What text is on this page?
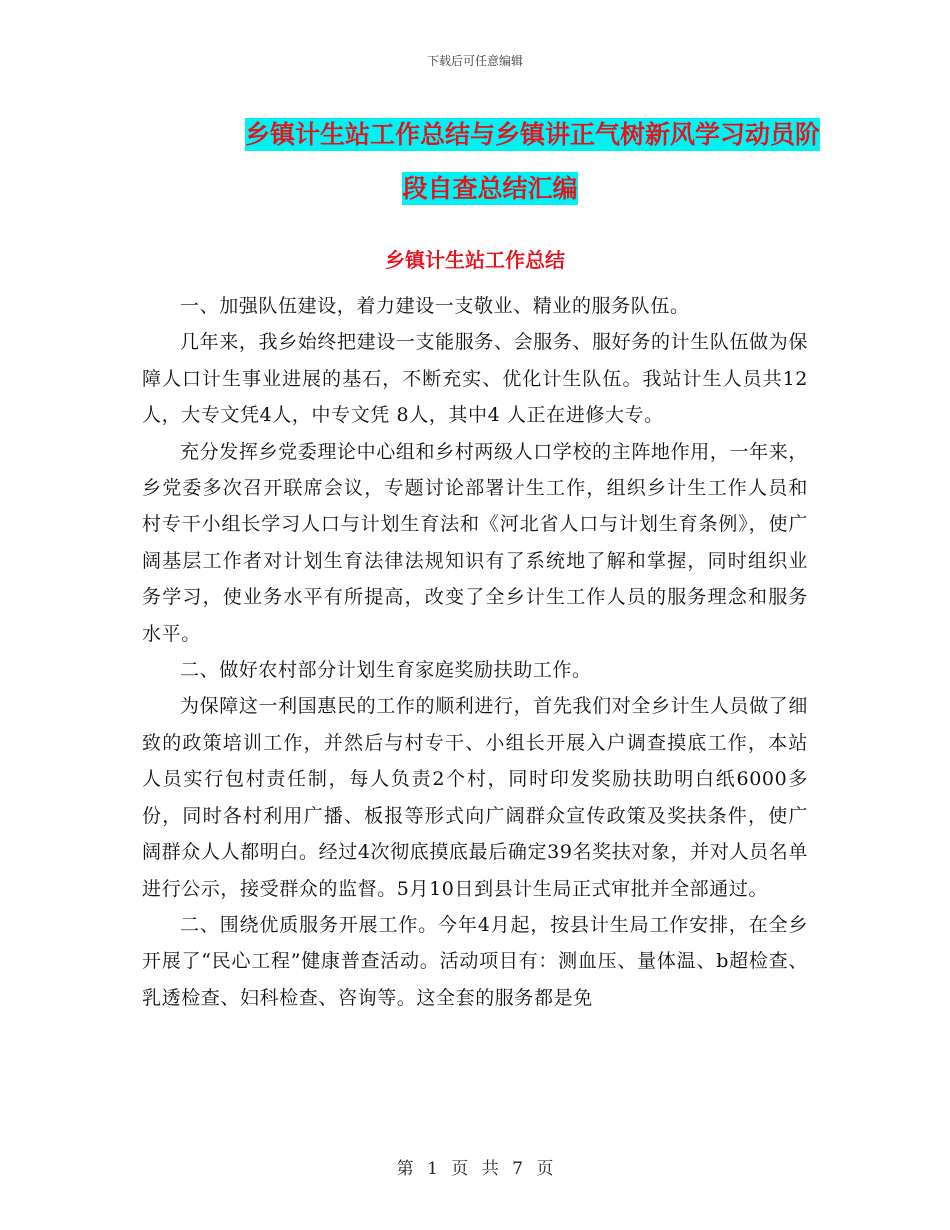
下载后可任意编辑
乡镇计生站工作总结与乡镇讲正气树新风学习动员阶
段自查总结汇编
乡镇计生站工作总结

一、加强队伍建设，着力建设一支敬业、精业的服务队伍。

几年来，我乡始终把建设一支能服务、会服务、服好务的计生队伍做为保障人口计生事业进展的基石，不断充实、优化计生队伍。我站计生人员共12人，大专文凭4人，中专文凭 8人，其中4 人正在进修大专。

充分发挥乡党委理论中心组和乡村两级人口学校的主阵地作用，一年来，乡党委多次召开联席会议，专题讨论部署计生工作，组织乡计生工作人员和村专干小组长学习人口与计划生育法和《河北省人口与计划生育条例》，使广阔基层工作者对计划生育法律法规知识有了系统地了解和掌握，同时组织业务学习，使业务水平有所提高，改变了全乡计生工作人员的服务理念和服务水平。

二、做好农村部分计划生育家庭奖励扶助工作。

为保障这一利国惠民的工作的顺利进行，首先我们对全乡计生人员做了细致的政策培训工作，并然后与村专干、小组长开展入户调查摸底工作，本站人员实行包村责任制，每人负责2个村，同时印发奖励扶助明白纸6000多份，同时各村利用广播、板报等形式向广阔群众宣传政策及奖扶条件，使广阔群众人人都明白。经过4次彻底摸底最后确定39名奖扶对象，并对人员名单进行公示，接受群众的监督。5月10日到县计生局正式审批并全部通过。

二、围绕优质服务开展工作。今年4月起，按县计生局工作安排，在全乡开展了“民心工程”健康普查活动。活动项目有：测血压、量体温、b超检查、乳透检查、妇科检查、咨询等。这全套的服务都是免

第 1 页 共 7 页
